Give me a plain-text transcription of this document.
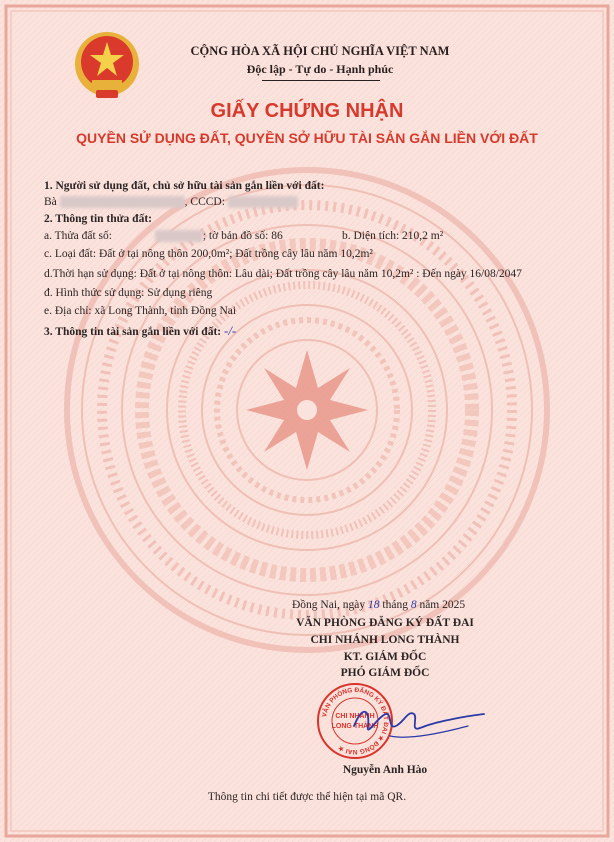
CỘNG HÒA XÃ HỘI CHỦ NGHĨA VIỆT NAM
Độc lập - Tự do - Hạnh phúc
GIẤY CHỨNG NHẬN
QUYỀN SỬ DỤNG ĐẤT, QUYỀN SỞ HỮU TÀI SẢN GẮN LIỀN VỚI ĐẤT
1. Người sử dụng đất, chủ sở hữu tài sản gắn liền với đất:
Bà	, CCCD:
2. Thông tin thửa đất:
a. Thửa đất số:	; tờ bản đồ số: 86	b. Diện tích: 210,2 m²
c. Loại đất: Đất ở tại nông thôn 200,0m²; Đất trồng cây lâu năm 10,2m²
d.Thời hạn sử dụng: Đất ở tại nông thôn: Lâu dài; Đất trồng cây lâu năm 10,2m² : Đến ngày 16/08/2047
đ. Hình thức sử dụng: Sử dụng riêng
e. Địa chỉ: xã Long Thành, tỉnh Đồng Nai
3. Thông tin tài sản gắn liền với đất: -/-
Đồng Nai, ngày 18 tháng 8 năm 2025
VĂN PHÒNG ĐĂNG KÝ ĐẤT ĐAI
CHI NHÁNH LONG THÀNH
KT. GIÁM ĐỐC
PHÓ GIÁM ĐỐC
VĂN PHÒNG ĐĂNG KÝ ĐẤT ĐAI ★ ĐỒNG NAI ★
CHI NHÁNH
LONG THÀNH
Nguyễn Anh Hào
Thông tin chi tiết được thể hiện tại mã QR.
